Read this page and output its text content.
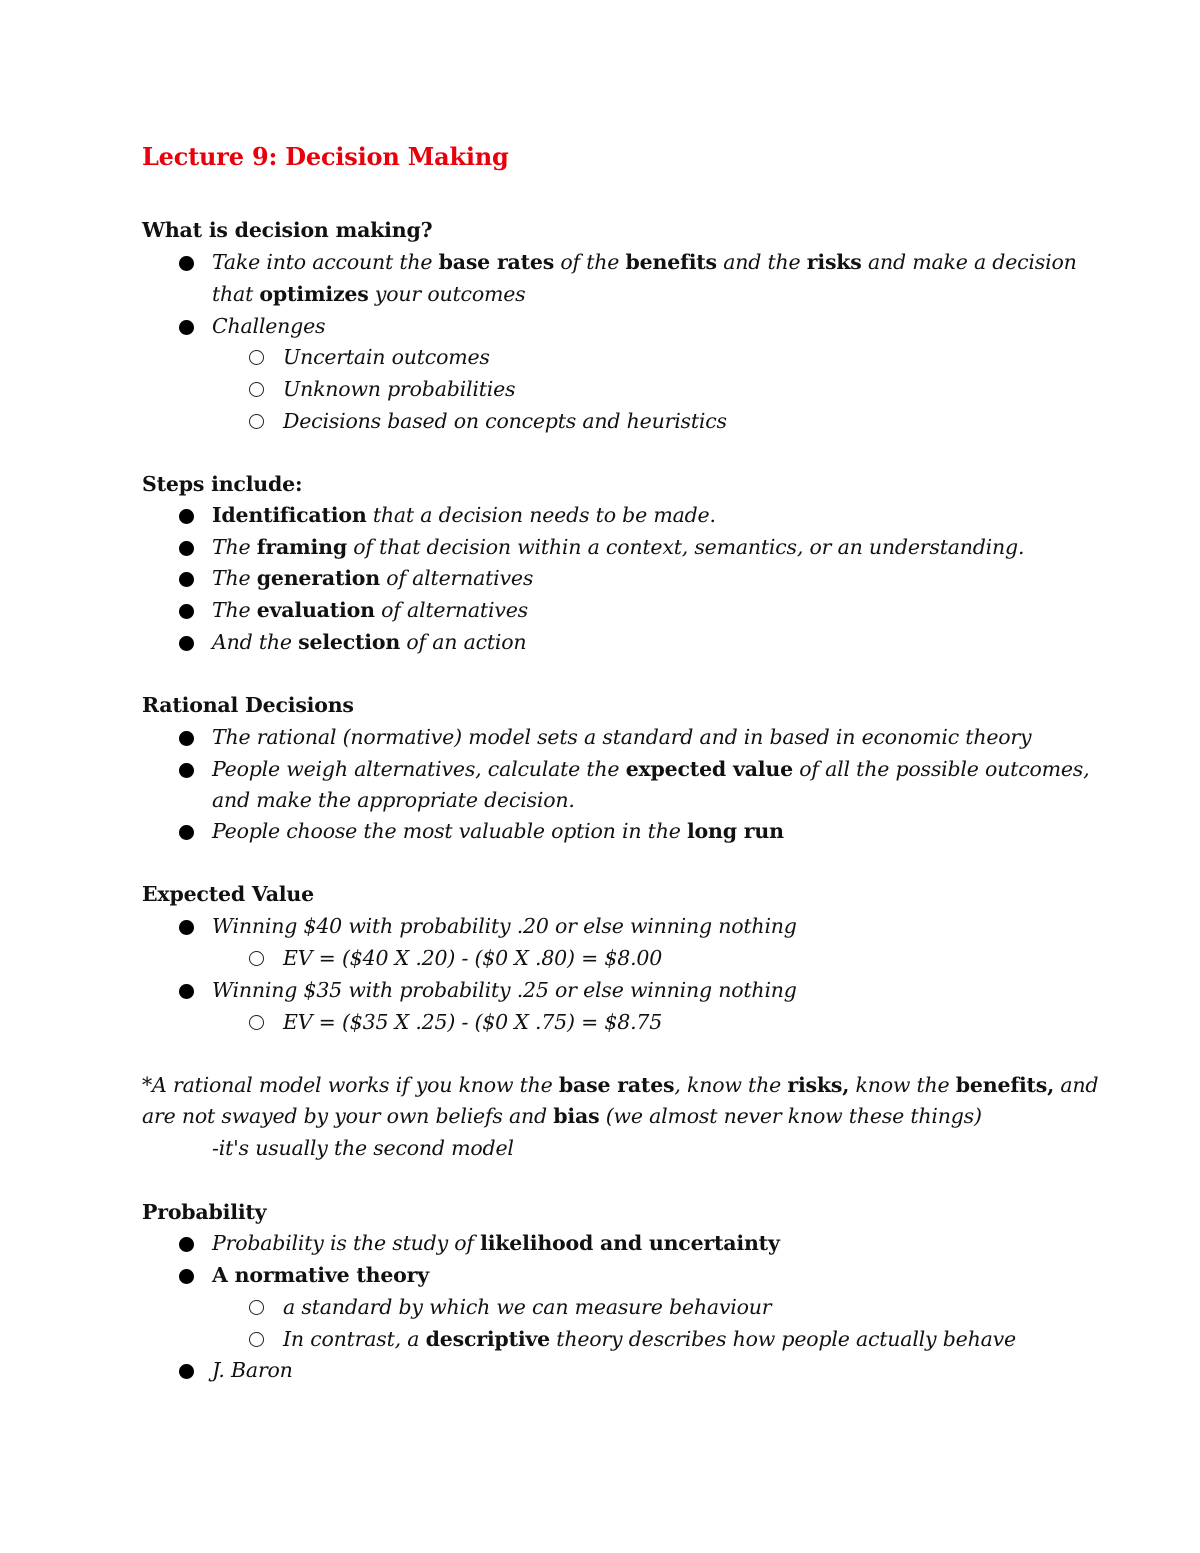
Lecture 9: Decision Making
What is decision making?
Take into account the base rates of the benefits and the risks and make a decision
that optimizes your outcomes
Challenges
Uncertain outcomes
Unknown probabilities
Decisions based on concepts and heuristics
Steps include:
Identification that a decision needs to be made.
The framing of that decision within a context, semantics, or an understanding.
The generation of alternatives
The evaluation of alternatives
And the selection of an action
Rational Decisions
The rational (normative) model sets a standard and in based in economic theory
People weigh alternatives, calculate the expected value of all the possible outcomes,
and make the appropriate decision.
People choose the most valuable option in the long run
Expected Value
Winning $40 with probability .20 or else winning nothing
EV = ($40 X .20) - ($0 X .80) = $8.00
Winning $35 with probability .25 or else winning nothing
EV = ($35 X .25) - ($0 X .75) = $8.75
*A rational model works if you know the base rates, know the risks, know the benefits, and
are not swayed by your own beliefs and bias (we almost never know these things)
-it's usually the second model
Probability
Probability is the study of likelihood and uncertainty
A normative theory
a standard by which we can measure behaviour
In contrast, a descriptive theory describes how people actually behave
J. Baron
